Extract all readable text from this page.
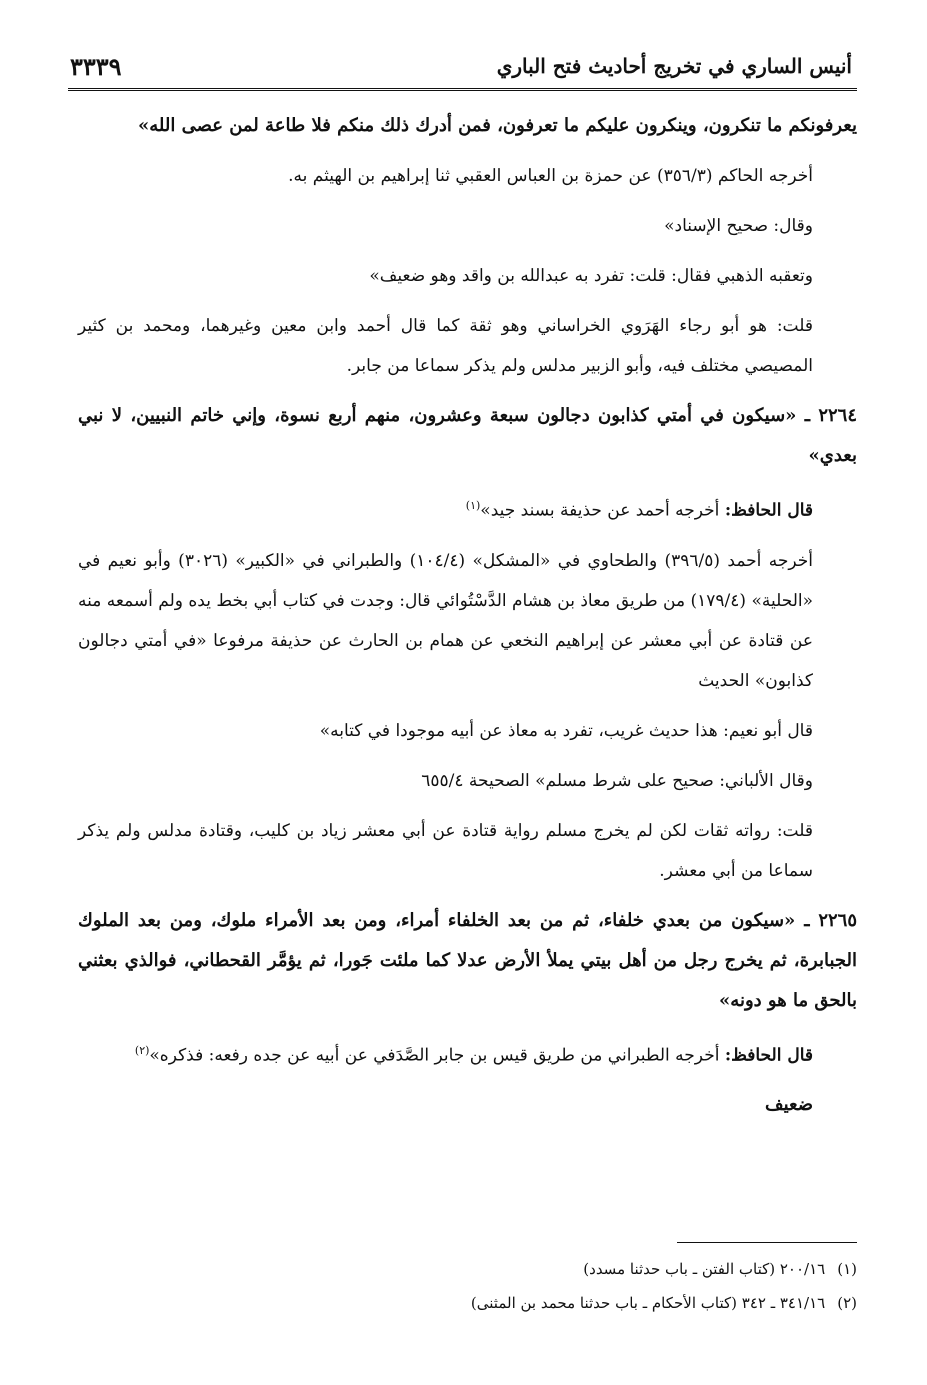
أنيس الساري في تخريج أحاديث فتح الباري
٣٣٣٩

يعرفونكم ما تنكرون، وينكرون عليكم ما تعرفون، فمن أدرك ذلك منكم فلا طاعة لمن عصى الله»

أخرجه الحاكم (٣٥٦/٣) عن حمزة بن العباس العقبي ثنا إبراهيم بن الهيثم به.

وقال: صحيح الإسناد»

وتعقبه الذهبي فقال: قلت: تفرد به عبدالله بن واقد وهو ضعيف»

قلت: هو أبو رجاء الهَرَوي الخراساني وهو ثقة كما قال أحمد وابن معين وغيرهما، ومحمد بن كثير المصيصي مختلف فيه، وأبو الزبير مدلس ولم يذكر سماعا من جابر.

٢٢٦٤ ـ «سيكون في أمتي كذابون دجالون سبعة وعشرون، منهم أربع نسوة، وإني خاتم النبيين، لا نبي بعدي»

قال الحافظ: أخرجه أحمد عن حذيفة بسند جيد»$^{(١)}$

أخرجه أحمد (٣٩٦/٥) والطحاوي في «المشكل» (١٠٤/٤) والطبراني في «الكبير» (٣٠٢٦) وأبو نعيم في «الحلية» (١٧٩/٤) من طريق معاذ بن هشام الدَّسْتُوائي قال: وجدت في كتاب أبي بخط يده ولم أسمعه منه عن قتادة عن أبي معشر عن إبراهيم النخعي عن همام بن الحارث عن حذيفة مرفوعا «في أمتي دجالون كذابون» الحديث

قال أبو نعيم: هذا حديث غريب، تفرد به معاذ عن أبيه موجودا في كتابه»

وقال الألباني: صحيح على شرط مسلم» الصحيحة ٦٥٥/٤

قلت: رواته ثقات لكن لم يخرج مسلم رواية قتادة عن أبي معشر زياد بن كليب، وقتادة مدلس ولم يذكر سماعا من أبي معشر.

٢٢٦٥ ـ «سيكون من بعدي خلفاء، ثم من بعد الخلفاء أمراء، ومن بعد الأمراء ملوك، ومن بعد الملوك الجبابرة، ثم يخرج رجل من أهل بيتي يملأ الأرض عدلا كما ملئت جَورا، ثم يؤمَّر القحطاني، فوالذي بعثني بالحق ما هو دونه»

قال الحافظ: أخرجه الطبراني من طريق قيس بن جابر الصَّدَفي عن أبيه عن جده رفعه: فذكره»$^{(٢)}$

ضعيف

(١)٢٠٠/١٦ (كتاب الفتن ـ باب حدثنا مسدد)

(٢)٣٤١/١٦ ـ ٣٤٢ (كتاب الأحكام ـ باب حدثنا محمد بن المثنى)
